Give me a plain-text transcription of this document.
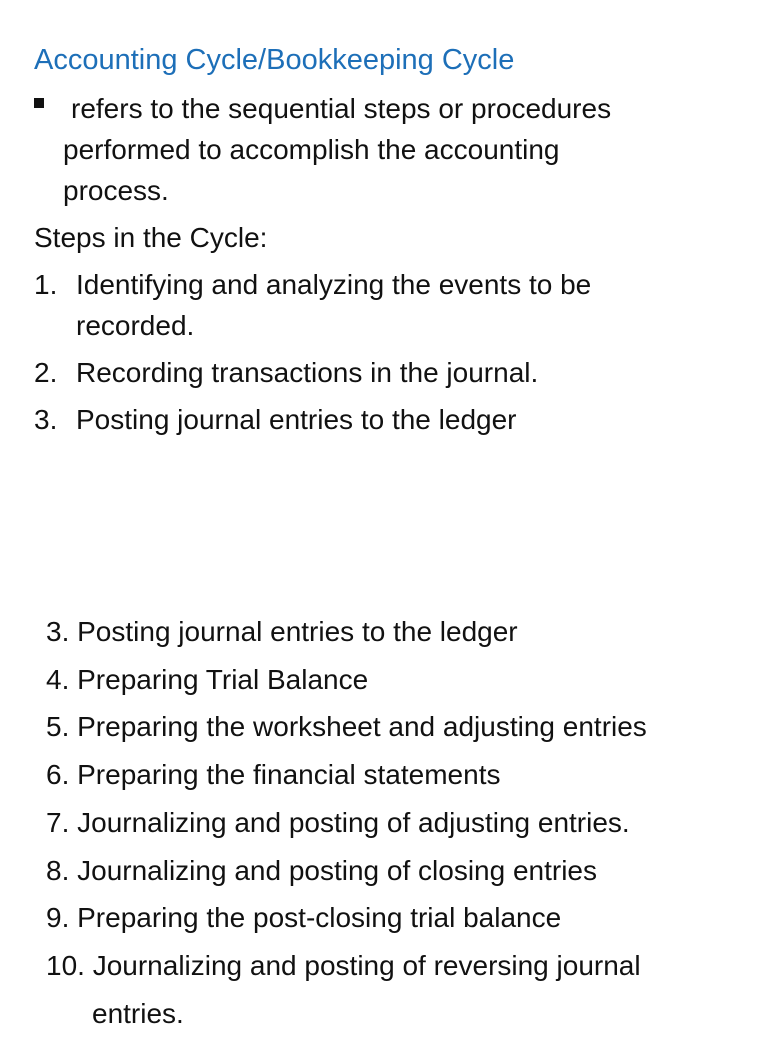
Accounting Cycle/Bookkeeping Cycle
refers to the sequential steps or procedures
performed to accomplish the accounting
process.
Steps in the Cycle:
1. Identifying and analyzing the events to be
recorded.
2. Recording transactions in the journal.
3. Posting journal entries to the ledger
3. Posting journal entries to the ledger
4. Preparing Trial Balance
5. Preparing the worksheet and adjusting entries
6. Preparing the financial statements
7. Journalizing and posting of adjusting entries.
8. Journalizing and posting of closing entries
9. Preparing the post-closing trial balance
10. Journalizing and posting of reversing journal
entries.
